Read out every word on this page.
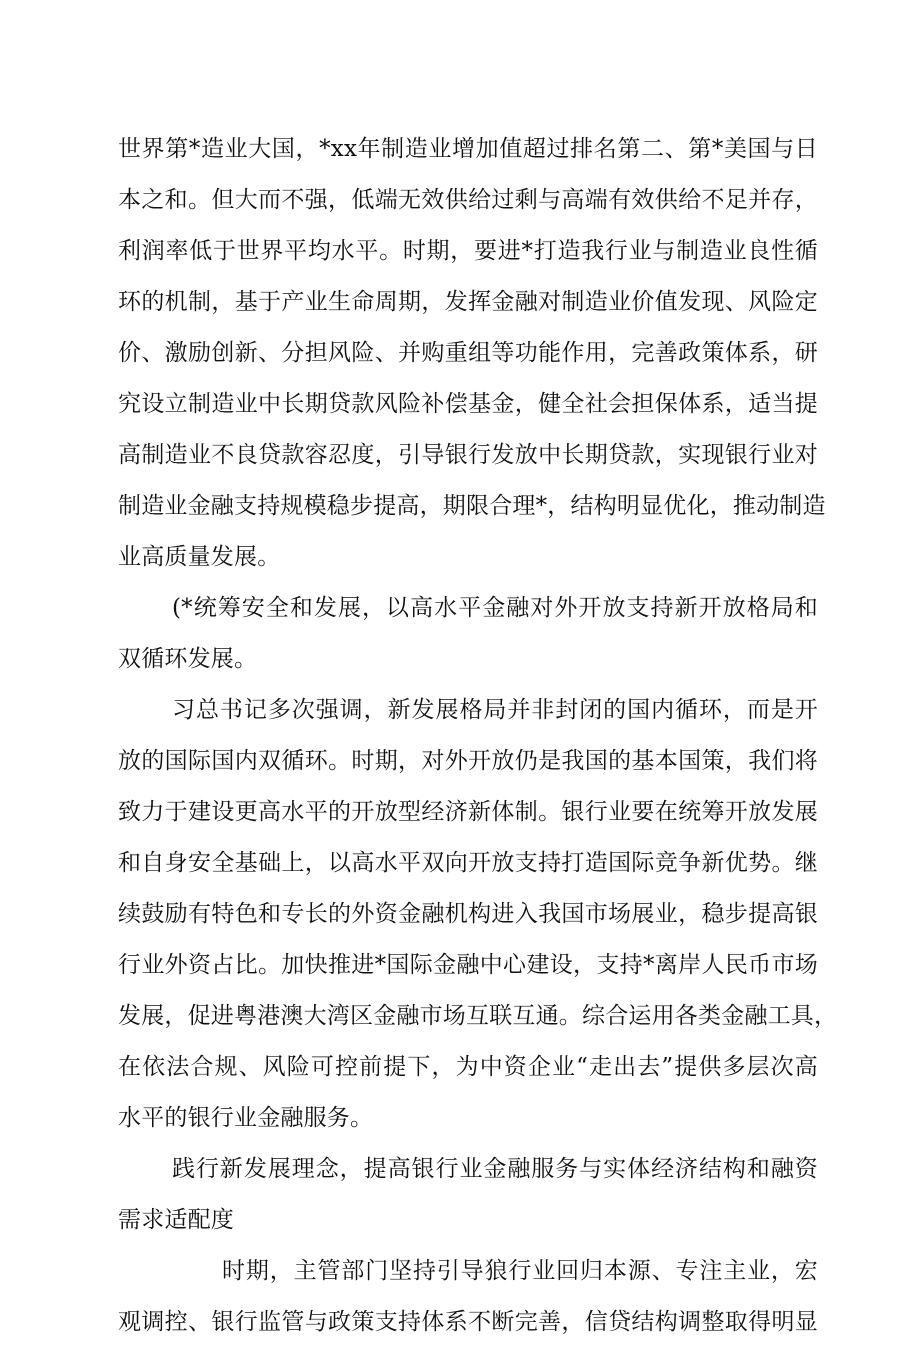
世界第*造业大国，*xx年制造业增加值超过排名第二、第*美国与日
本之和。但大而不强，低端无效供给过剩与高端有效供给不足并存，
利润率低于世界平均水平。时期，要进*打造我行业与制造业良性循
环的机制，基于产业生命周期，发挥金融对制造业价值发现、风险定
价、激励创新、分担风险、并购重组等功能作用，完善政策体系，研
究设立制造业中长期贷款风险补偿基金，健全社会担保体系，适当提
高制造业不良贷款容忍度，引导银行发放中长期贷款，实现银行业对
制造业金融支持规模稳步提高，期限合理*，结构明显优化，推动制造
业高质量发展。
(*统筹安全和发展，以高水平金融对外开放支持新开放格局和
双循环发展。
习总书记多次强调，新发展格局并非封闭的国内循环，而是开
放的国际国内双循环。时期，对外开放仍是我国的基本国策，我们将
致力于建设更高水平的开放型经济新体制。银行业要在统筹开放发展
和自身安全基础上，以高水平双向开放支持打造国际竞争新优势。继
续鼓励有特色和专长的外资金融机构进入我国市场展业，稳步提高银
行业外资占比。加快推进*国际金融中心建设，支持*离岸人民币市场
发展，促进粤港澳大湾区金融市场互联互通。综合运用各类金融工具，
在依法合规、风险可控前提下，为中资企业“走出去”提供多层次高
水平的银行业金融服务。
践行新发展理念，提高银行业金融服务与实体经济结构和融资
需求适配度
时期，主管部门坚持引导狼行业回归本源、专注主业，宏
观调控、银行监管与政策支持体系不断完善，信贷结构调整取得明显
